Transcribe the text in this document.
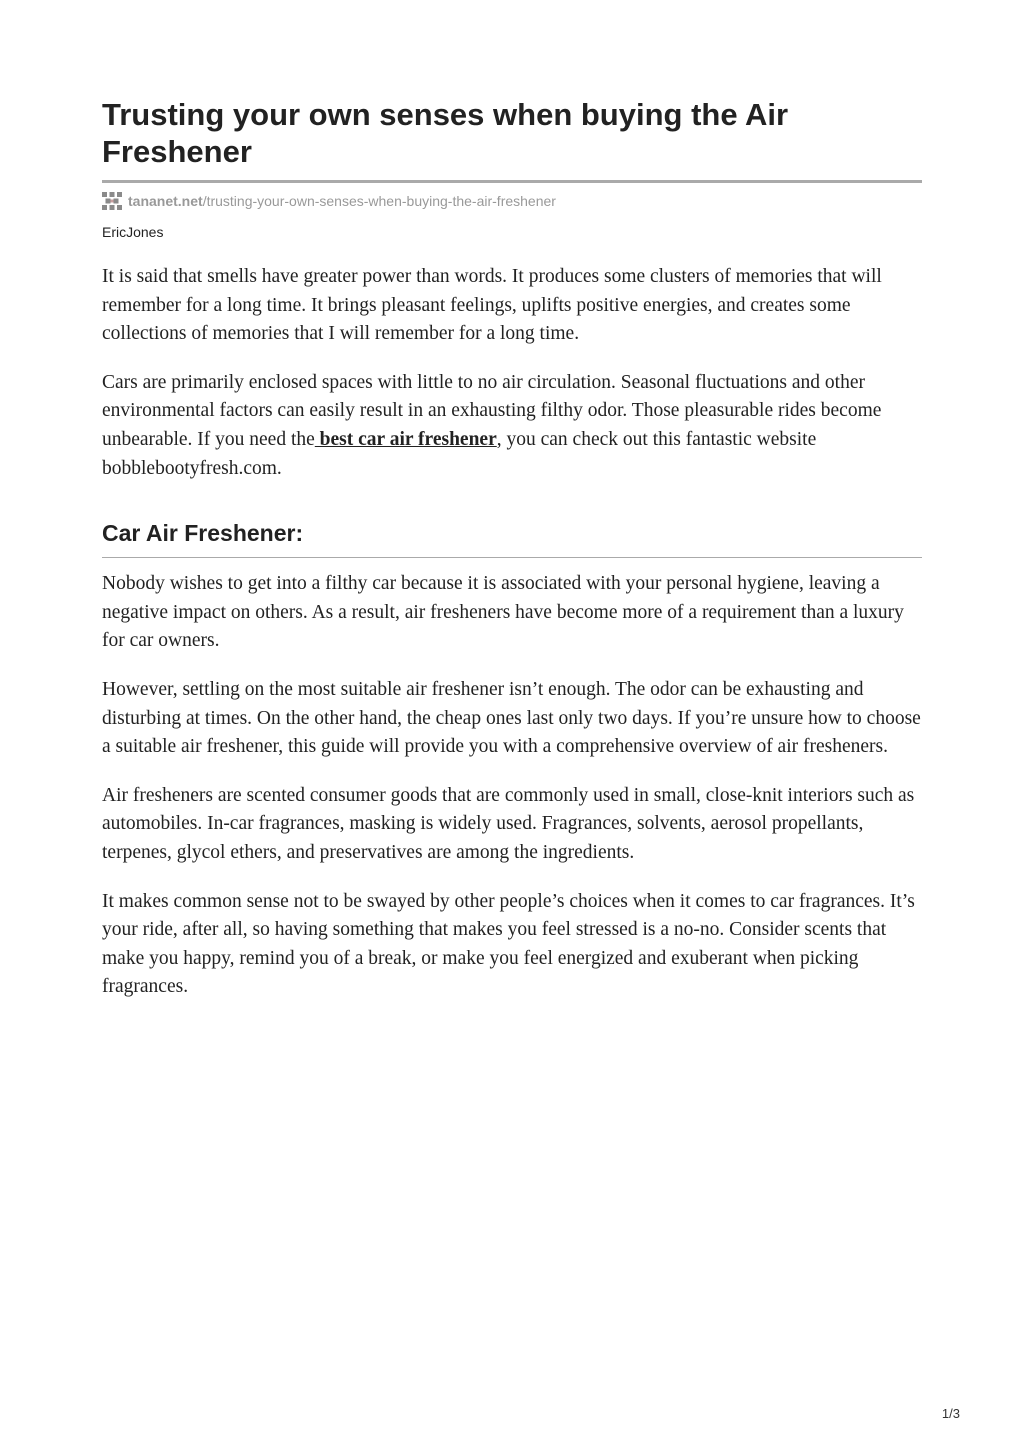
Trusting your own senses when buying the Air Freshener
tananet.net /trusting-your-own-senses-when-buying-the-air-freshener
EricJones

It is said that smells have greater power than words. It produces some clusters of memories that will remember for a long time. It brings pleasant feelings, uplifts positive energies, and creates some collections of memories that I will remember for a long time.

Cars are primarily enclosed spaces with little to no air circulation. Seasonal fluctuations and other environmental factors can easily result in an exhausting filthy odor. Those pleasurable rides become unbearable. If you need the best car air freshener, you can check out this fantastic website bobblebootyfresh.com.

Car Air Freshener:

Nobody wishes to get into a filthy car because it is associated with your personal hygiene, leaving a negative impact on others. As a result, air fresheners have become more of a requirement than a luxury for car owners.

However, settling on the most suitable air freshener isn’t enough. The odor can be exhausting and disturbing at times. On the other hand, the cheap ones last only two days. If you’re unsure how to choose a suitable air freshener, this guide will provide you with a comprehensive overview of air fresheners.

Air fresheners are scented consumer goods that are commonly used in small, close-knit interiors such as automobiles. In-car fragrances, masking is widely used. Fragrances, solvents, aerosol propellants, terpenes, glycol ethers, and preservatives are among the ingredients.

It makes common sense not to be swayed by other people’s choices when it comes to car fragrances. It’s your ride, after all, so having something that makes you feel stressed is a no-no. Consider scents that make you happy, remind you of a break, or make you feel energized and exuberant when picking fragrances.

1/3
